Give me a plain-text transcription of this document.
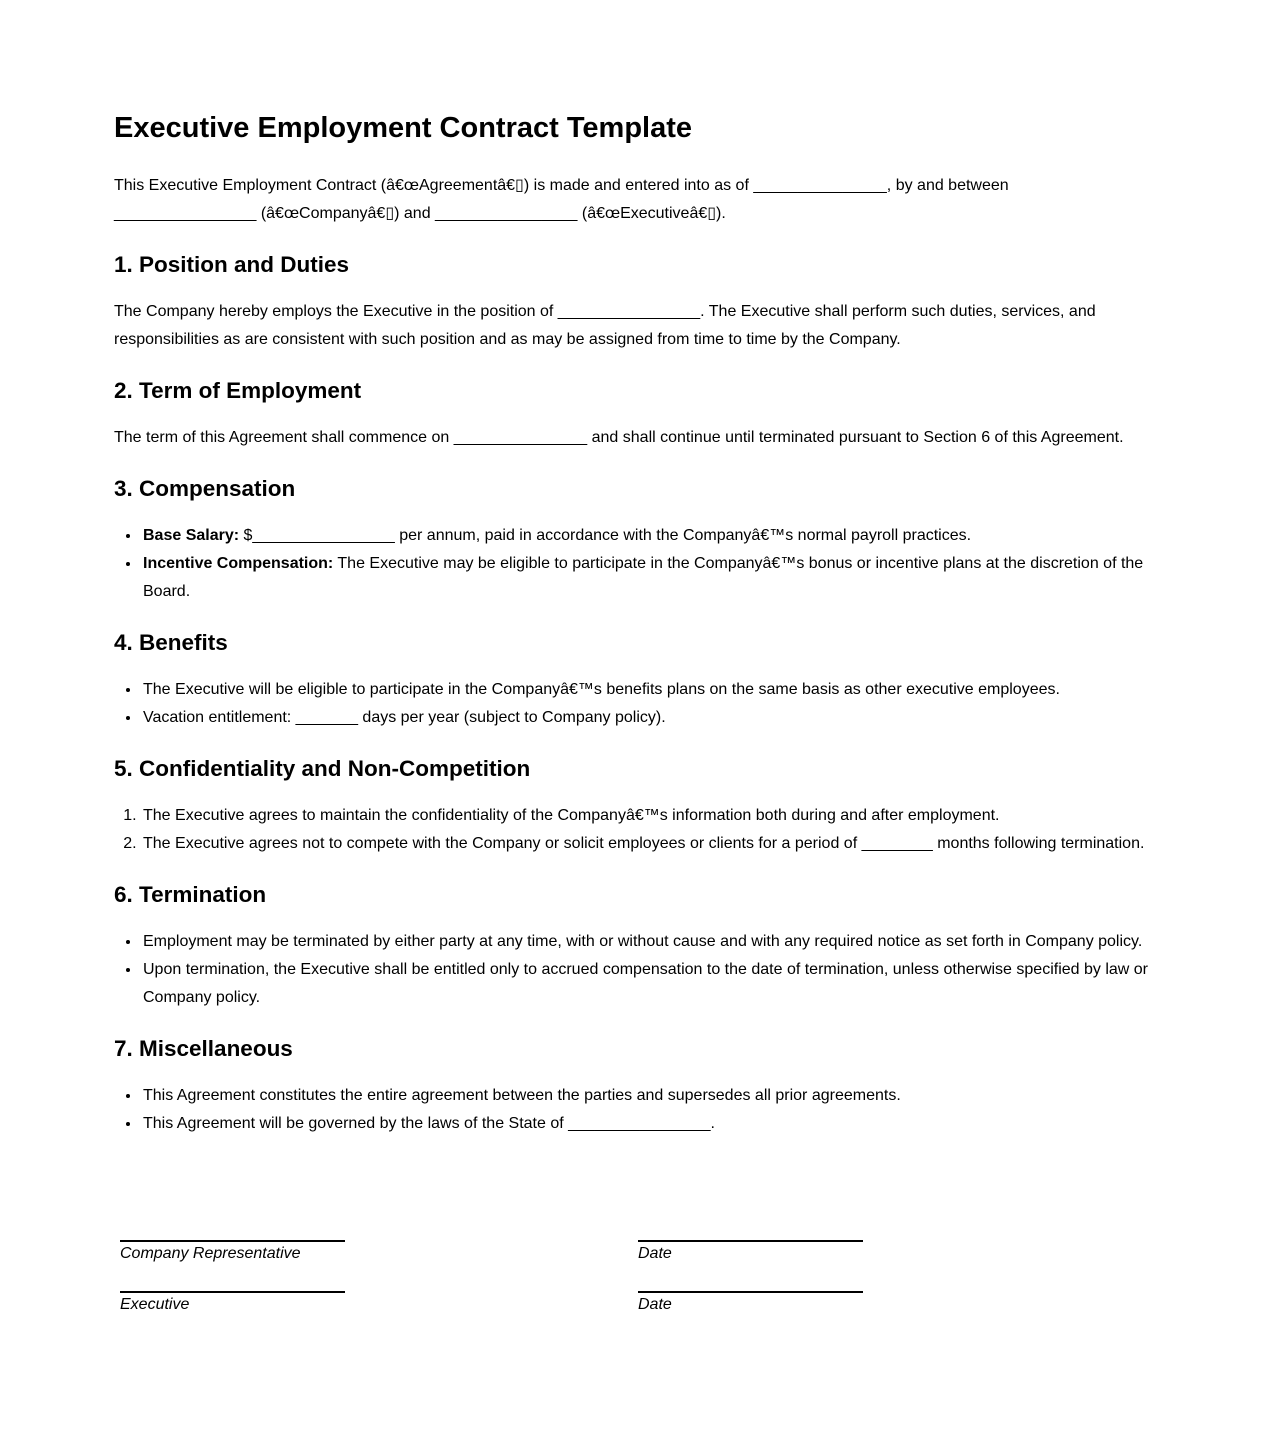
Executive Employment Contract Template

This Executive Employment Contract (â€œAgreementâ€▯) is made and entered into as of _______________, by and between ________________ (â€œCompanyâ€▯) and ________________ (â€œExecutiveâ€▯).

1. Position and Duties

The Company hereby employs the Executive in the position of ________________. The Executive shall perform such duties, services, and responsibilities as are consistent with such position and as may be assigned from time to time by the Company.

2. Term of Employment

The term of this Agreement shall commence on _______________ and shall continue until terminated pursuant to Section 6 of this Agreement.

3. Compensation
• Base Salary: $________________ per annum, paid in accordance with the Companyâ€™s normal payroll practices.
• Incentive Compensation: The Executive may be eligible to participate in the Companyâ€™s bonus or incentive plans at the discretion of the Board.
4. Benefits
• The Executive will be eligible to participate in the Companyâ€™s benefits plans on the same basis as other executive employees.
• Vacation entitlement: _______ days per year (subject to Company policy).
5. Confidentiality and Non-Competition
1. The Executive agrees to maintain the confidentiality of the Companyâ€™s information both during and after employment.
2. The Executive agrees not to compete with the Company or solicit employees or clients for a period of ________ months following termination.
6. Termination
• Employment may be terminated by either party at any time, with or without cause and with any required notice as set forth in Company policy.
• Upon termination, the Executive shall be entitled only to accrued compensation to the date of termination, unless otherwise specified by law or Company policy.
7. Miscellaneous
• This Agreement constitutes the entire agreement between the parties and supersedes all prior agreements.
• This Agreement will be governed by the laws of the State of ________________.
Company Representative	Date
Executive	Date
